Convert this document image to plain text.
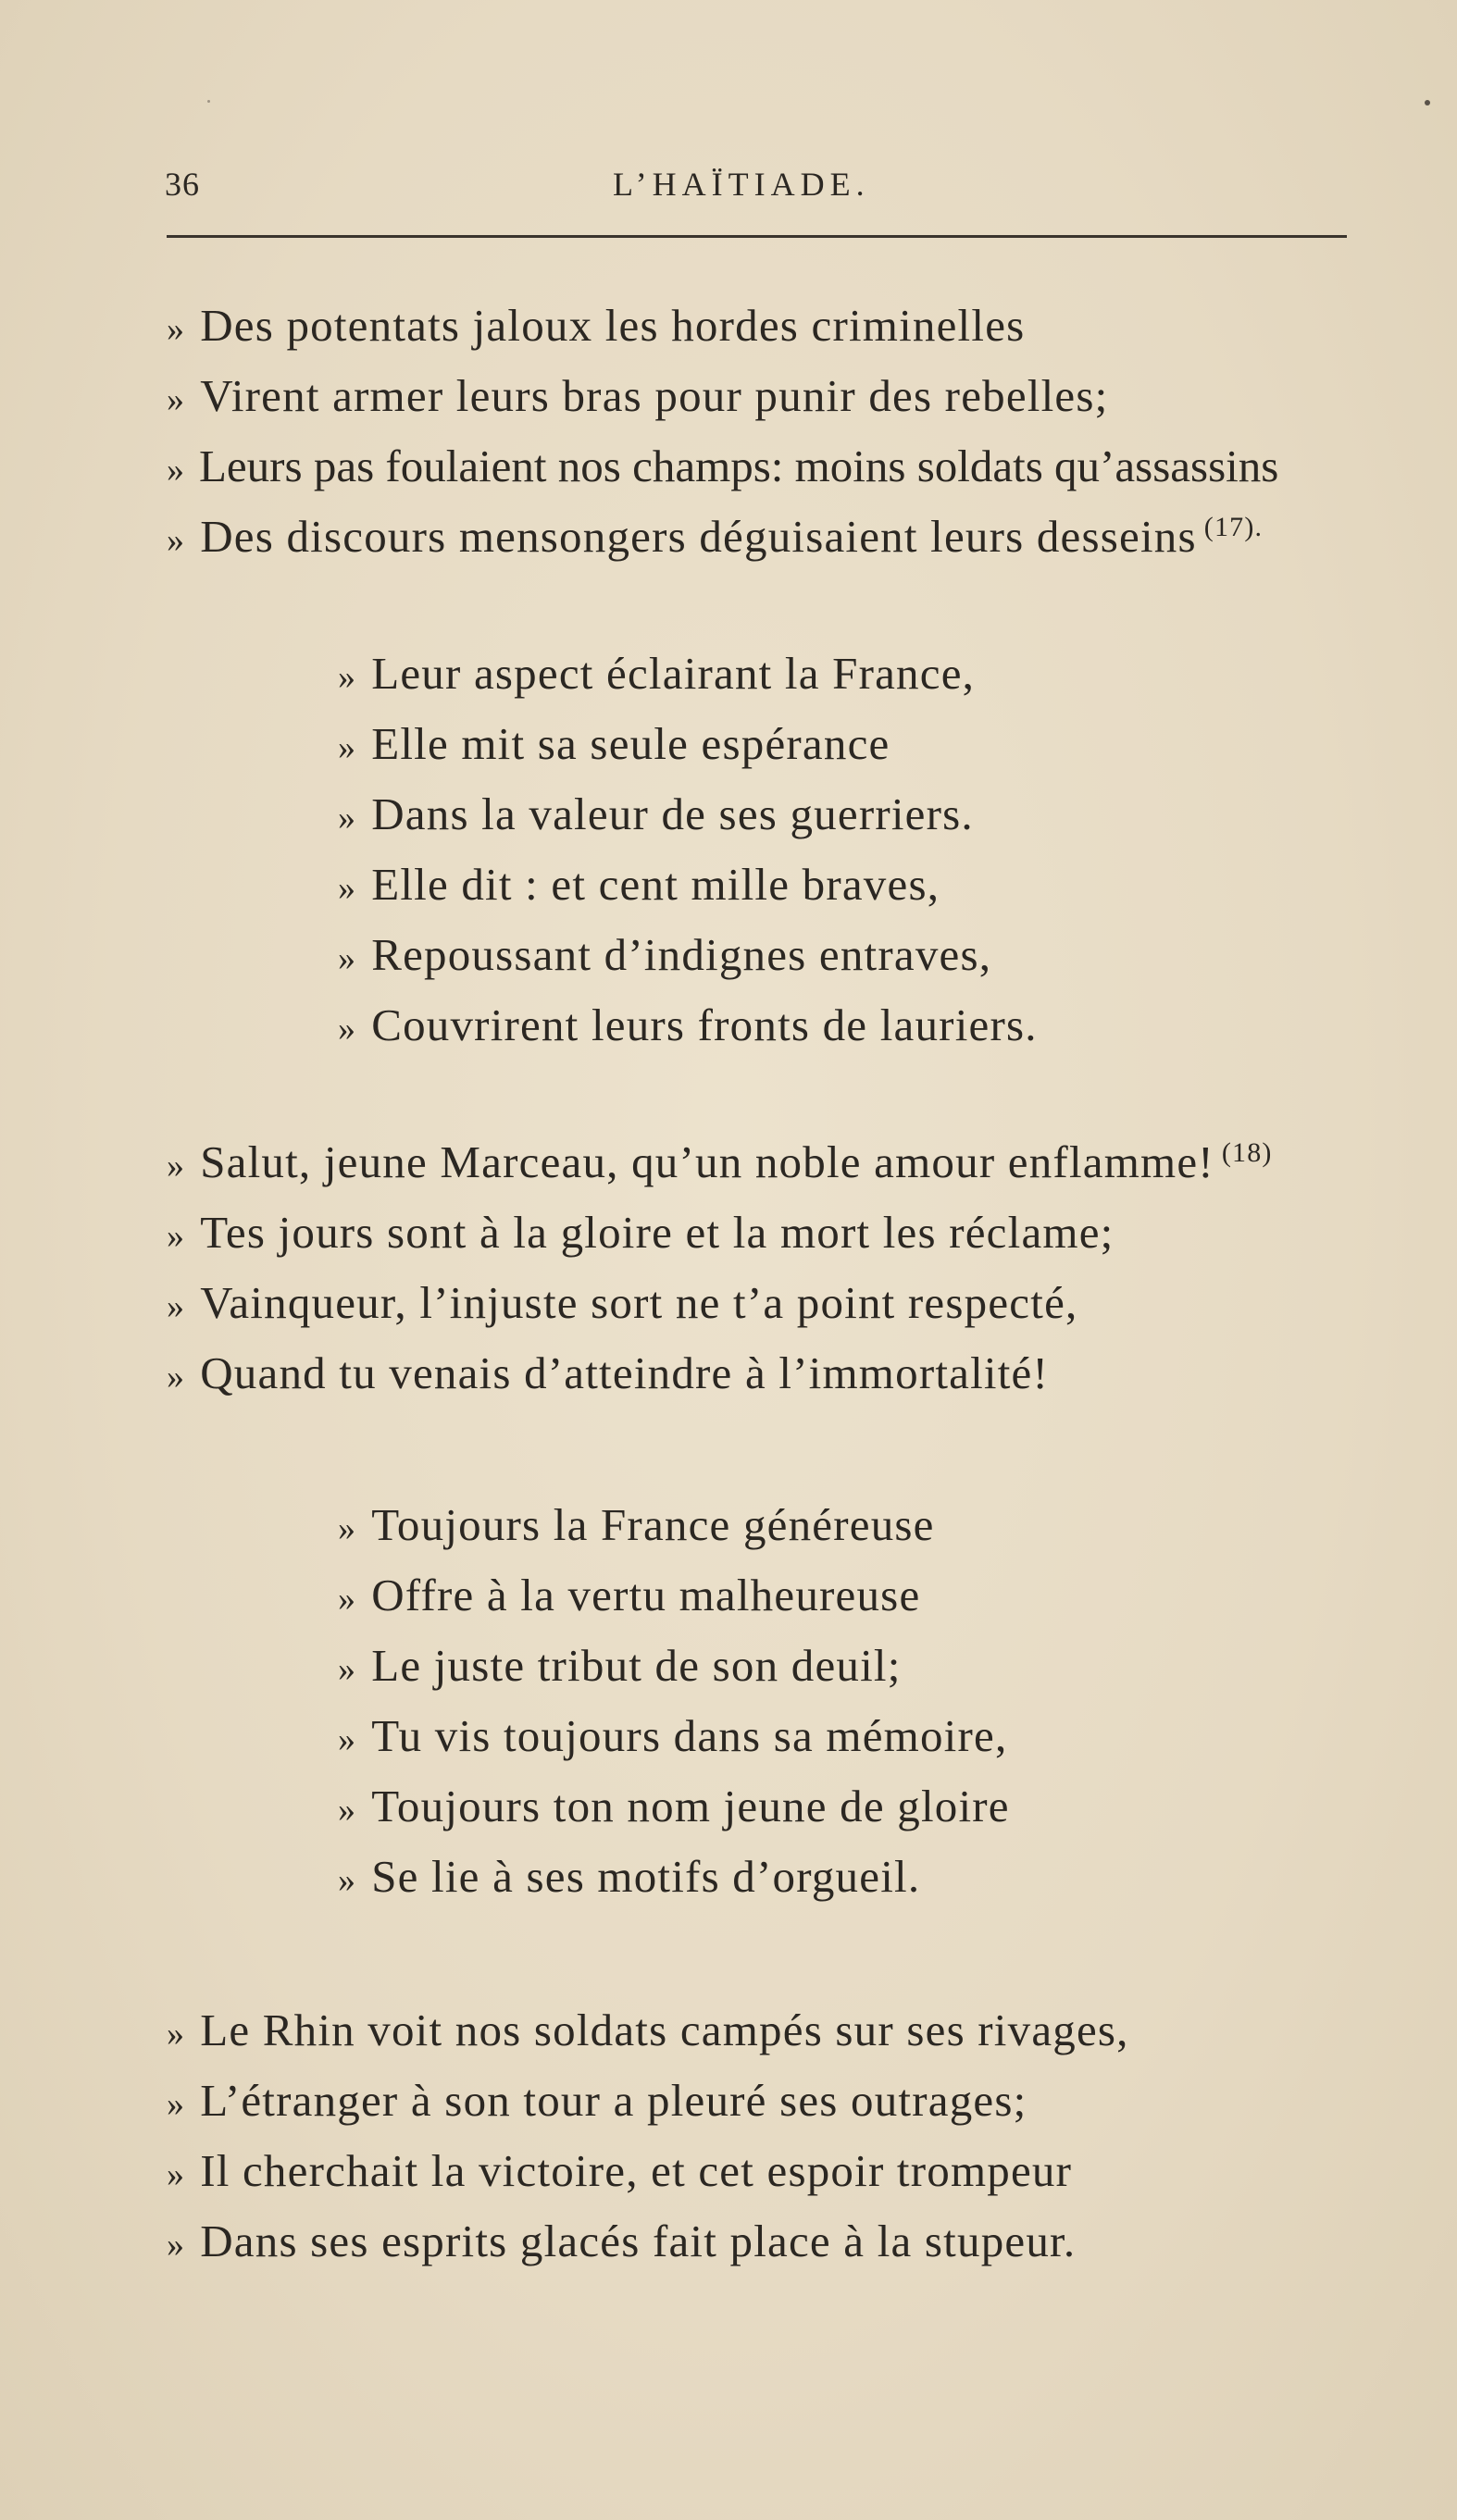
36	L’HAÏTIADE.
» Des potentats jaloux les hordes criminelles
» Virent armer leurs bras pour punir des rebelles;
» Leurs pas foulaient nos champs: moins soldats qu’assassins
» Des discours mensongers déguisaient leurs desseins $^{(17).}$
» Leur aspect éclairant la France,
» Elle mit sa seule espérance
» Dans la valeur de ses guerriers.
» Elle dit : et cent mille braves,
» Repoussant d’indignes entraves,
» Couvrirent leurs fronts de lauriers.
» Salut, jeune Marceau, qu’un noble amour enflamme! $^{(18)}$
» Tes jours sont à la gloire et la mort les réclame;
» Vainqueur, l’injuste sort ne t’a point respecté,
» Quand tu venais d’atteindre à l’immortalité!
» Toujours la France généreuse
» Offre à la vertu malheureuse
» Le juste tribut de son deuil;
» Tu vis toujours dans sa mémoire,
» Toujours ton nom jeune de gloire
» Se lie à ses motifs d’orgueil.
» Le Rhin voit nos soldats campés sur ses rivages,
» L’étranger à son tour a pleuré ses outrages;
» Il cherchait la victoire, et cet espoir trompeur
» Dans ses esprits glacés fait place à la stupeur.
